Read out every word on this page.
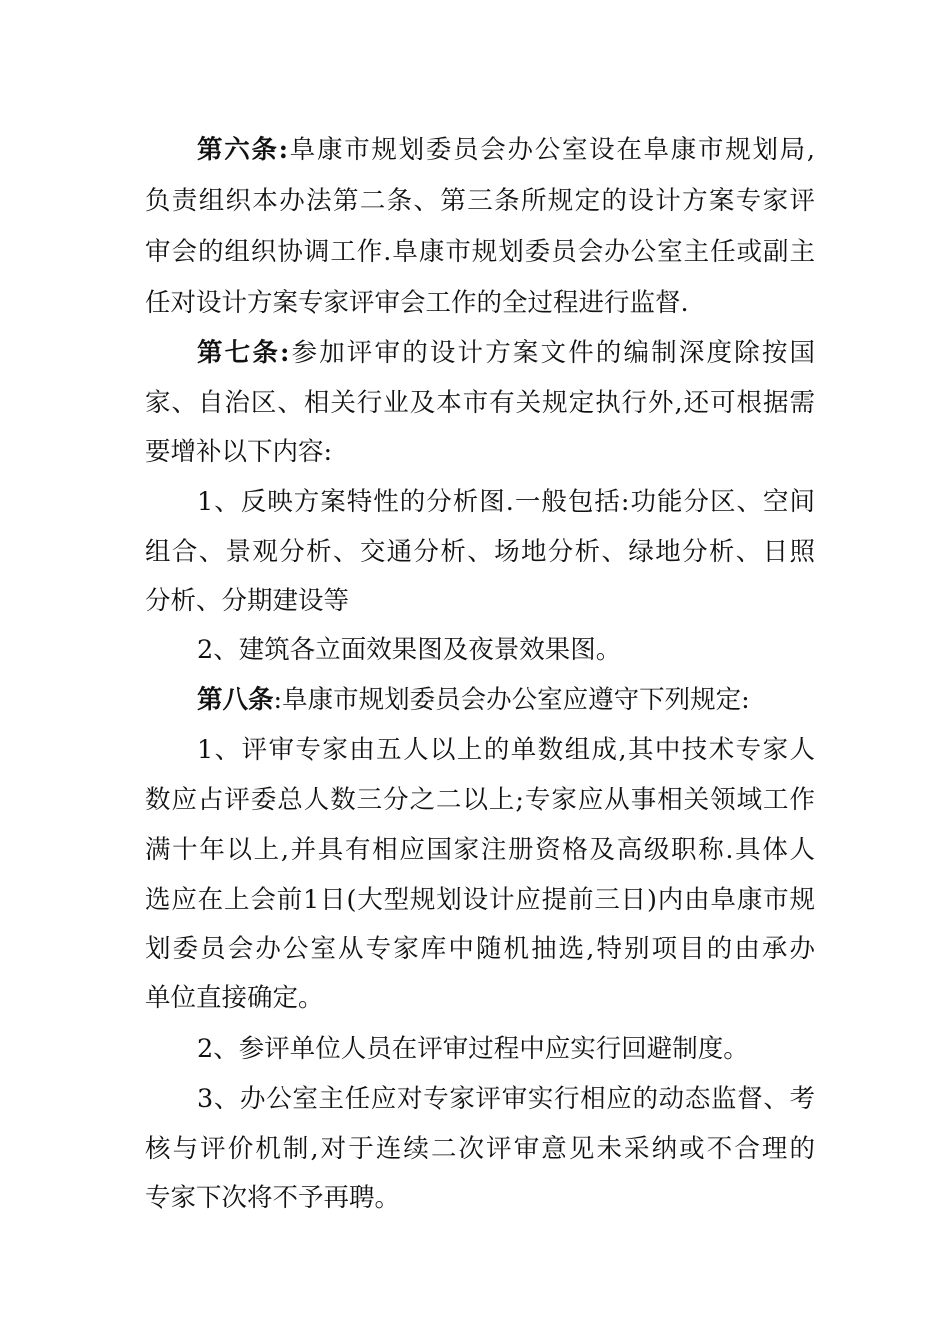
第六条:阜康市规划委员会办公室设在阜康市规划局,
负责组织本办法第二条、第三条所规定的设计方案专家评
审会的组织协调工作.阜康市规划委员会办公室主任或副主
任对设计方案专家评审会工作的全过程进行监督.
第七条:参加评审的设计方案文件的编制深度除按国
家、自治区、相关行业及本市有关规定执行外,还可根据需
要增补以下内容:
1、反映方案特性的分析图.一般包括:功能分区、空间
组合、景观分析、交通分析、场地分析、绿地分析、日照
分析、分期建设等
2、建筑各立面效果图及夜景效果图。
第八条:阜康市规划委员会办公室应遵守下列规定:
1、评审专家由五人以上的单数组成,其中技术专家人
数应占评委总人数三分之二以上;专家应从事相关领域工作
满十年以上,并具有相应国家注册资格及高级职称.具体人
选应在上会前1日(大型规划设计应提前三日)内由阜康市规
划委员会办公室从专家库中随机抽选,特别项目的由承办
单位直接确定。
2、参评单位人员在评审过程中应实行回避制度。
3、办公室主任应对专家评审实行相应的动态监督、考
核与评价机制,对于连续二次评审意见未采纳或不合理的
专家下次将不予再聘。
